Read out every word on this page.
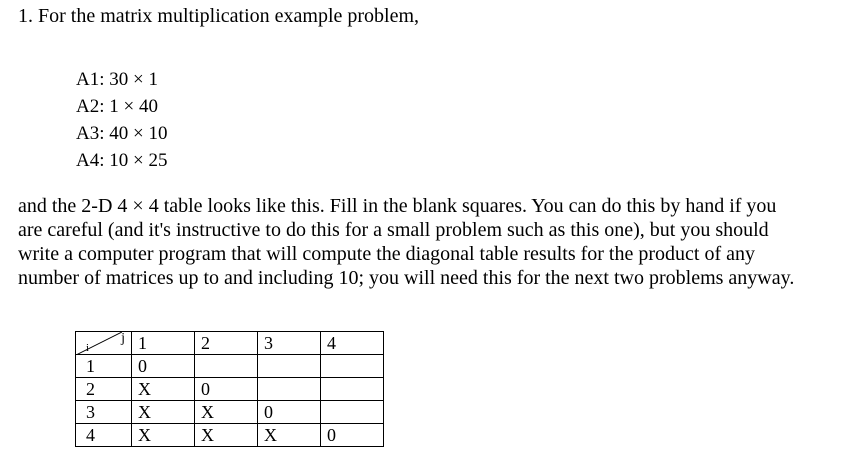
1. For the matrix multiplication example problem,
A1: 30 × 1
A2: 1 × 40
A3: 40 × 10
A4: 10 × 25
and the 2-D 4 × 4 table looks like this. Fill in the blank squares. You can do this by hand if you
are careful (and it's instructive to do this for a small problem such as this one), but you should
write a computer program that will compute the diagonal table results for the product of any
number of matrices up to and including 10; you will need this for the next two problems anyway.
i
j	1	2	3	4
1	0			
2	X	0		
3	X	X	0	
4	X	X	X	0
